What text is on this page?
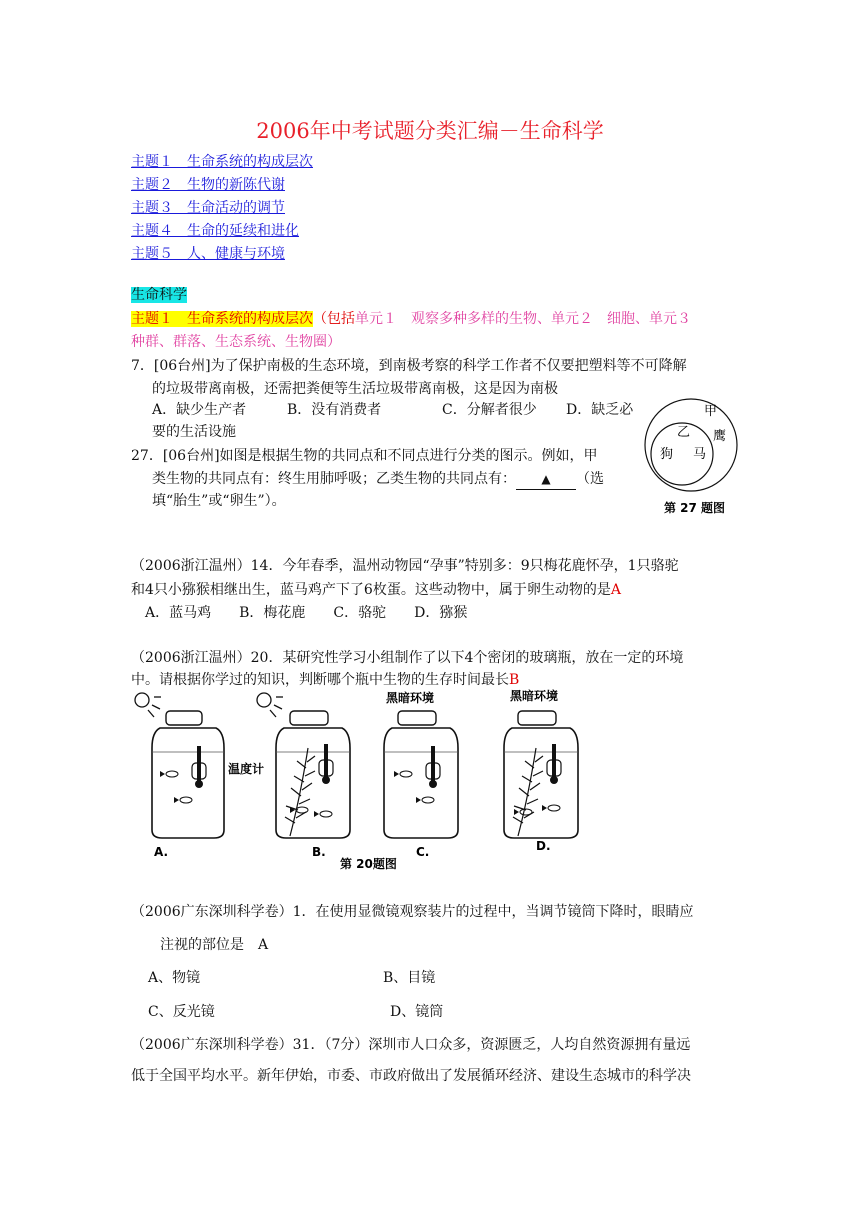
2006年中考试题分类汇编－生命科学
主题１　生命系统的构成层次
主题２　生物的新陈代谢
主题３　生命活动的调节
主题４　生命的延续和进化
主题５　人、健康与环境
生命科学
主题１　生命系统的构成层次（包括单元１　观察多种多样的生物、单元２　细胞、单元３
种群、群落、生态系统、生物圈）
7．[06台州]为了保护南极的生态环境，到南极考察的科学工作者不仅要把塑料等不可降解
的垃圾带离南极，还需把粪便等生活垃圾带离南极，这是因为南极
A．缺少生产者	B．没有消费者	C．分解者很少 D．缺乏必
要的生活设施
27．[06台州]如图是根据生物的共同点和不同点进行分类的图示。例如，甲
类生物的共同点有：终生用肺呼吸；乙类生物的共同点有： ▲ （选
填“胎生”或“卵生”）。
甲
鹰
乙
狗 马
第 27 题图
（2006浙江温州）14．今年春季，温州动物园“孕事”特别多：9只梅花鹿怀孕，1只骆驼
和4只小猕猴相继出生，蓝马鸡产下了6枚蛋。这些动物中，属于卵生动物的是A
A．蓝马鸡　　B．梅花鹿　　C．骆驼　　D．猕猴
（2006浙江温州）20．某研究性学习小组制作了以下4个密闭的玻璃瓶，放在一定的环境
中。请根据你学过的知识，判断哪个瓶中生物的生存时间最长B
A.
温度计
B.
黑暗环境
C.
黑暗环境
D.
第 20题图
（2006广东深圳科学卷）1．在使用显微镜观察装片的过程中，当调节镜筒下降时，眼睛应
注视的部位是　A
A、物镜	B、目镜
C、反光镜	D、镜筒
（2006广东深圳科学卷）31．（7分）深圳市人口众多，资源匮乏，人均自然资源拥有量远
低于全国平均水平。新年伊始，市委、市政府做出了发展循环经济、建设生态城市的科学决
